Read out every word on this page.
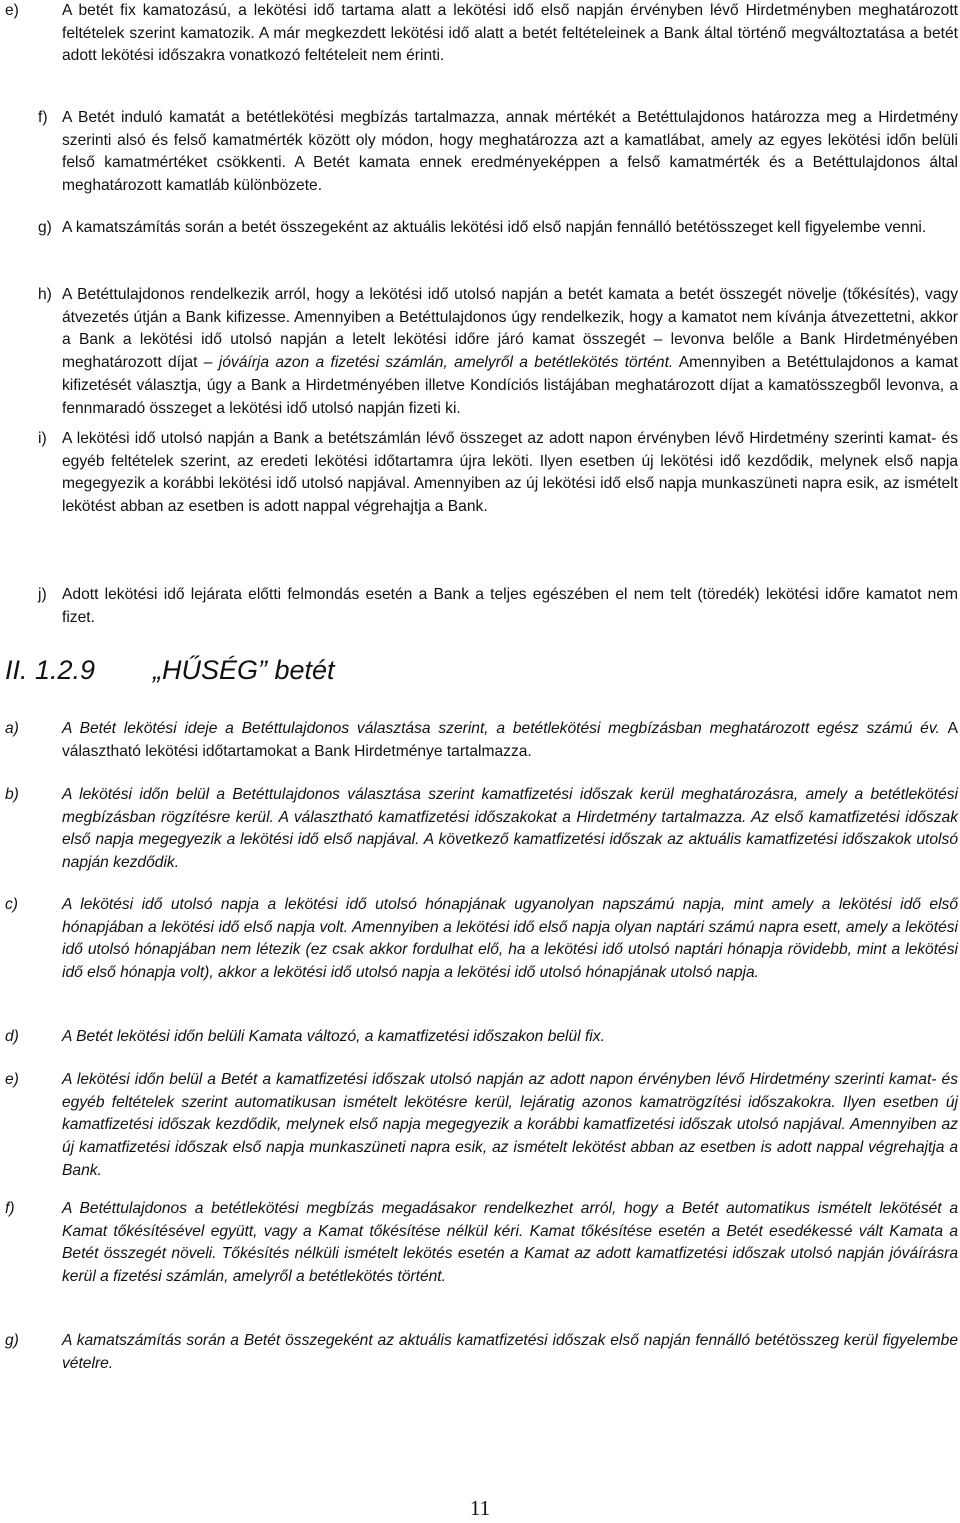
e)	A betét fix kamatozású, a lekötési idő tartama alatt a lekötési idő első napján érvényben lévő Hirdetményben meghatározott feltételek szerint kamatozik. A már megkezdett lekötési idő alatt a betét feltételeinek a Bank által történő megváltoztatása a betét adott lekötési időszakra vonatkozó feltételeit nem érinti.
f) A Betét induló kamatát a betétlekötési megbízás tartalmazza, annak mértékét a Betéttulajdonos határozza meg a Hirdetmény szerinti alsó és felső kamatmérték között oly módon, hogy meghatározza azt a kamatlábat, amely az egyes lekötési időn belüli felső kamatmértéket csökkenti. A Betét kamata ennek eredményeképpen a felső kamatmérték és a Betéttulajdonos által meghatározott kamatláb különbözete.
g) A kamatszámítás során a betét összegeként az aktuális lekötési idő első napján fennálló betétösszeget kell figyelembe venni.
h) A Betéttulajdonos rendelkezik arról, hogy a lekötési idő utolsó napján a betét kamata a betét összegét növelje (tőkésítés), vagy átvezetés útján a Bank kifizesse. Amennyiben a Betéttulajdonos úgy rendelkezik, hogy a kamatot nem kívánja átvezettetni, akkor a Bank a lekötési idő utolsó napján a letelt lekötési időre járó kamat összegét – levonva belőle a Bank Hirdetményében meghatározott díjat – jóváírja azon a fizetési számlán, amelyről a betétlekötés történt. Amennyiben a Betéttulajdonos a kamat kifizetését választja, úgy a Bank a Hirdetményében illetve Kondíciós listájában meghatározott díjat a kamatösszegből levonva, a fennmaradó összeget a lekötési idő utolsó napján fizeti ki.
i) A lekötési idő utolsó napján a Bank a betétszámlán lévő összeget az adott napon érvényben lévő Hirdetmény szerinti kamat- és egyéb feltételek szerint, az eredeti lekötési időtartamra újra leköti. Ilyen esetben új lekötési idő kezdődik, melynek első napja megegyezik a korábbi lekötési idő utolsó napjával. Amennyiben az új lekötési idő első napja munkaszüneti napra esik, az ismételt lekötést abban az esetben is adott nappal végrehajtja a Bank.
j) Adott lekötési idő lejárata előtti felmondás esetén a Bank a teljes egészében el nem telt (töredék) lekötési időre kamatot nem fizet.
II. 1.2.9 „HŰSÉG” betét
a)	A Betét lekötési ideje a Betéttulajdonos választása szerint, a betétlekötési megbízásban meghatározott egész számú év. A választható lekötési időtartamokat a Bank Hirdetménye tartalmazza.
b)	A lekötési időn belül a Betéttulajdonos választása szerint kamatfizetési időszak kerül meghatározásra, amely a betétlekötési megbízásban rögzítésre kerül. A választható kamatfizetési időszakokat a Hirdetmény tartalmazza. Az első kamatfizetési időszak első napja megegyezik a lekötési idő első napjával. A következő kamatfizetési időszak az aktuális kamatfizetési időszakok utolsó napján kezdődik.
c)	A lekötési idő utolsó napja a lekötési idő utolsó hónapjának ugyanolyan napszámú napja, mint amely a lekötési idő első hónapjában a lekötési idő első napja volt. Amennyiben a lekötési idő első napja olyan naptári számú napra esett, amely a lekötési idő utolsó hónapjában nem létezik (ez csak akkor fordulhat elő, ha a lekötési idő utolsó naptári hónapja rövidebb, mint a lekötési idő első hónapja volt), akkor a lekötési idő utolsó napja a lekötési idő utolsó hónapjának utolsó napja.
d)	A Betét lekötési időn belüli Kamata változó, a kamatfizetési időszakon belül fix.
e)	A lekötési időn belül a Betét a kamatfizetési időszak utolsó napján az adott napon érvényben lévő Hirdetmény szerinti kamat- és egyéb feltételek szerint automatikusan ismételt lekötésre kerül, lejáratig azonos kamatrögzítési időszakokra. Ilyen esetben új kamatfizetési időszak kezdődik, melynek első napja megegyezik a korábbi kamatfizetési időszak utolsó napjával. Amennyiben az új kamatfizetési időszak első napja munkaszüneti napra esik, az ismételt lekötést abban az esetben is adott nappal végrehajtja a Bank.
f)	A Betéttulajdonos a betétlekötési megbízás megadásakor rendelkezhet arról, hogy a Betét automatikus ismételt lekötését a Kamat tőkésítésével együtt, vagy a Kamat tőkésítése nélkül kéri. Kamat tőkésítése esetén a Betét esedékessé vált Kamata a Betét összegét növeli. Tőkésítés nélküli ismételt lekötés esetén a Kamat az adott kamatfizetési időszak utolsó napján jóváírásra kerül a fizetési számlán, amelyről a betétlekötés történt.
g)	A kamatszámítás során a Betét összegeként az aktuális kamatfizetési időszak első napján fennálló betétösszeg kerül figyelembe vételre.
11
